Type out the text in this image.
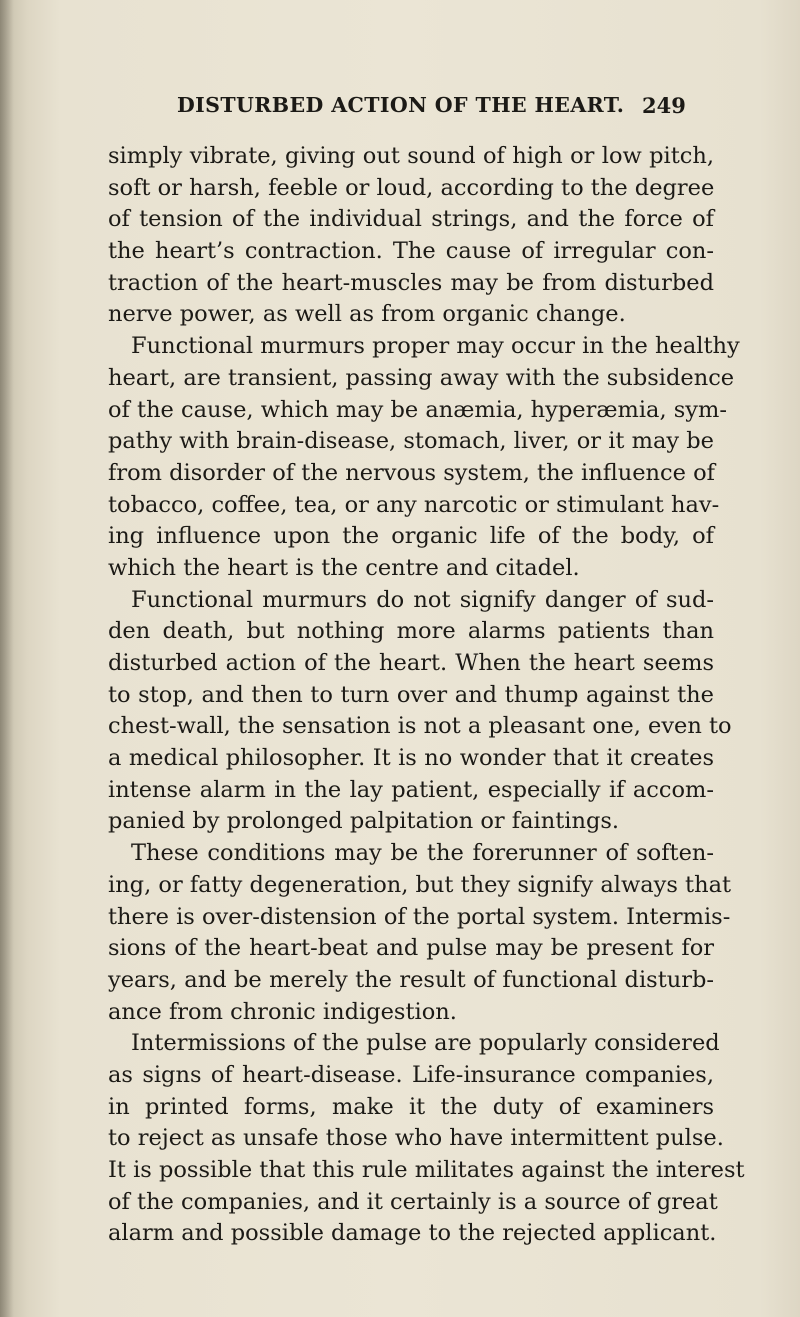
DISTURBED ACTION OF THE HEART. 249
simply vibrate, giving out sound of high or low pitch,
soft or harsh, feeble or loud, according to the degree
of tension of the individual strings, and the force of
the heart’s contraction. The cause of irregular con-
traction of the heart-muscles may be from disturbed
nerve power, as well as from organic change.
Functional murmurs proper may occur in the healthy
heart, are transient, passing away with the subsidence
of the cause, which may be anæmia, hyperæmia, sym-
pathy with brain-disease, stomach, liver, or it may be
from disorder of the nervous system, the influence of
tobacco, coffee, tea, or any narcotic or stimulant hav-
ing influence upon the organic life of the body, of
which the heart is the centre and citadel.
Functional murmurs do not signify danger of sud-
den death, but nothing more alarms patients than
disturbed action of the heart. When the heart seems
to stop, and then to turn over and thump against the
chest-wall, the sensation is not a pleasant one, even to
a medical philosopher. It is no wonder that it creates
intense alarm in the lay patient, especially if accom-
panied by prolonged palpitation or faintings.
These conditions may be the forerunner of soften-
ing, or fatty degeneration, but they signify always that
there is over-distension of the portal system. Intermis-
sions of the heart-beat and pulse may be present for
years, and be merely the result of functional disturb-
ance from chronic indigestion.
Intermissions of the pulse are popularly considered
as signs of heart-disease. Life-insurance companies,
in printed forms, make it the duty of examiners
to reject as unsafe those who have intermittent pulse.
It is possible that this rule militates against the interest
of the companies, and it certainly is a source of great
alarm and possible damage to the rejected applicant.
